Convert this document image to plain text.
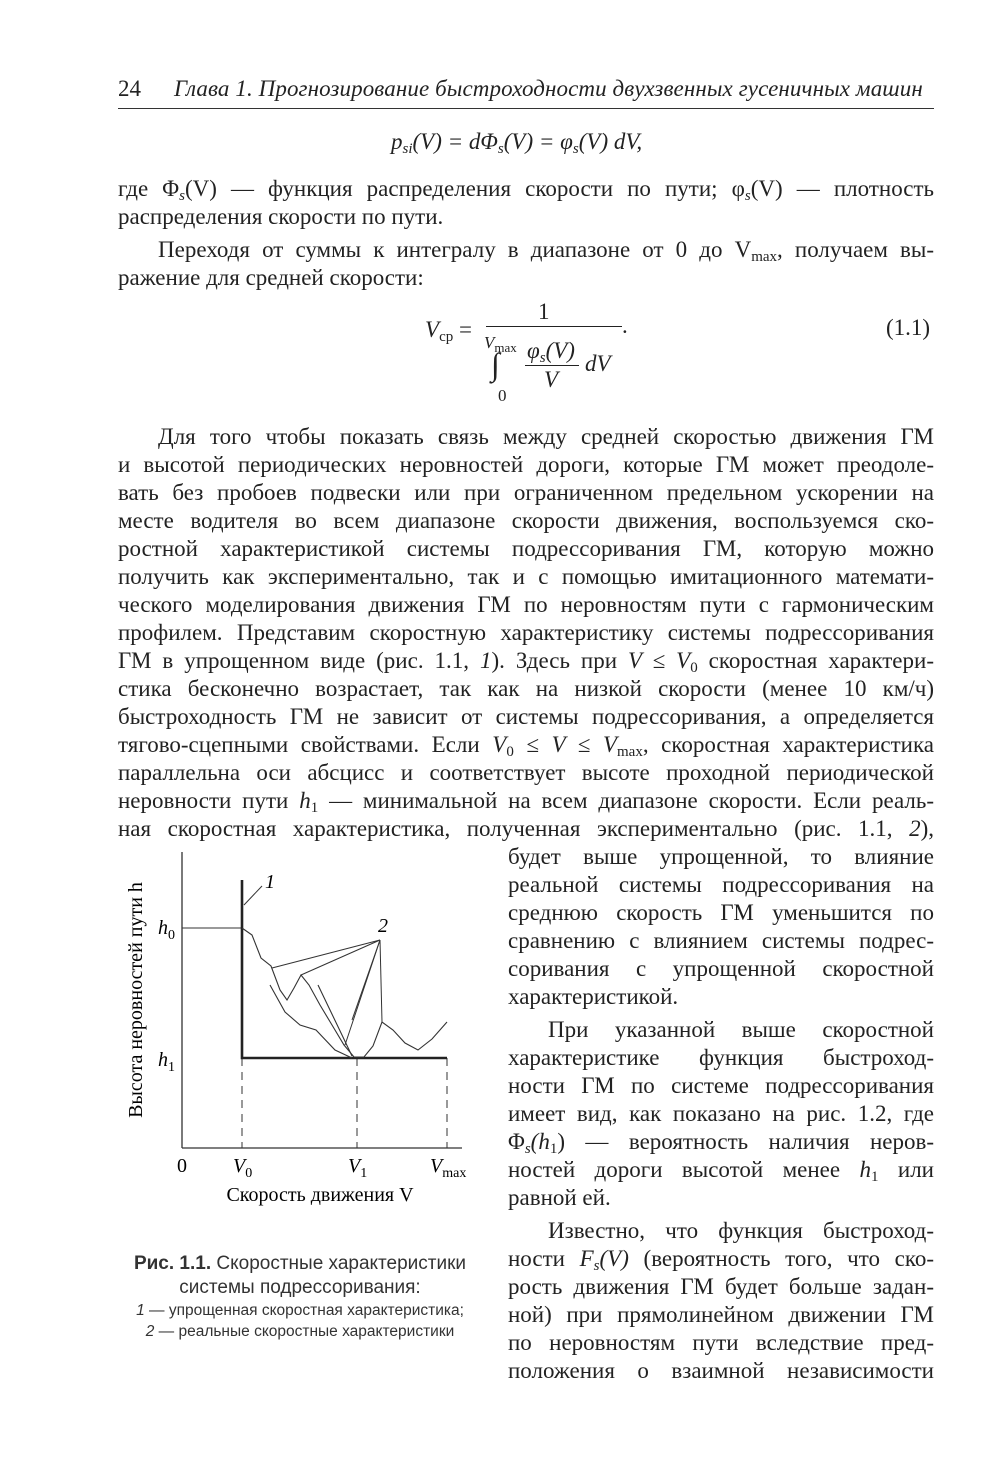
24 Глава 1. Прогнозирование быстроходности двухзвенных гусеничных машин
$p_{si}(V) = d\Phi_s(V) = \varphi_s(V)$ dV,
где $\Phi_s(V)$ — функция распределения скорости по пути; $\varphi_s(V)$ — плотность
распределения скорости по пути.
Переходя от суммы к интегралу в диапазоне от 0 до $V_{max}$, получаем вы-
ражение для средней скорости:
$V_{ср}$ =
1
.
$V_{max}$
∫
0
$\varphi_s(V)$
V
dV
(1.1)
Для того чтобы показать связь между средней скоростью движения ГМ
и высотой периодических неровностей дороги, которые ГМ может преодоле-
вать без пробоев подвески или при ограниченном предельном ускорении на
месте водителя во всем диапазоне скорости движения, воспользуемся ско-
ростной характеристикой системы подрессоривания ГМ, которую можно
получить как экспериментально, так и с помощью имитационного математи-
ческого моделирования движения ГМ по неровностям пути с гармоническим
профилем. Представим скоростную характеристику системы подрессоривания
ГМ в упрощенном виде (рис. 1.1, 1). Здесь при $V \le V_0$ скоростная характери-
стика бесконечно возрастает, так как на низкой скорости (менее 10 км/ч)
быстроходность ГМ не зависит от системы подрессоривания, а определяется
тягово-сцепными свойствами. Если $V_0 \le V \le V_{max}$, скоростная характеристика
параллельна оси абсцисс и соответствует высоте проходной периодической
неровности пути $h_1$ — минимальной на всем диапазоне скорости. Если реаль-
ная скоростная характеристика, полученная экспериментально (рис. 1.1, 2),
будет выше упрощенной, то влияние
реальной системы подрессоривания на
среднюю скорость ГМ уменьшится по
сравнению с влиянием системы подрес-
соривания с упрощенной скоростной
характеристикой.
При указанной выше скоростной
характеристике функция быстроход-
ности ГМ по системе подрессоривания
имеет вид, как показано на рис. 1.2, где
$\Phi_s(h_1)$ — вероятность наличия неров-
ностей дороги высотой менее $h_1$ или
равной ей.
Известно, что функция быстроход-
ности $F_s(V)$ (вероятность того, что ско-
рость движения ГМ будет больше задан-
ной) при прямолинейном движении ГМ
по неровностям пути вследствие пред-
положения о взаимной независимости
1
2
$h_0$
$h_1$
0 $V_0$	$V_1$	$V_{max}$
Скорость движения V
Высота неровностей пути h
Рис. 1.1. Скоростные характеристики
системы подрессоривания:
1 — упрощенная скоростная характеристика;
2 — реальные скоростные характеристики
